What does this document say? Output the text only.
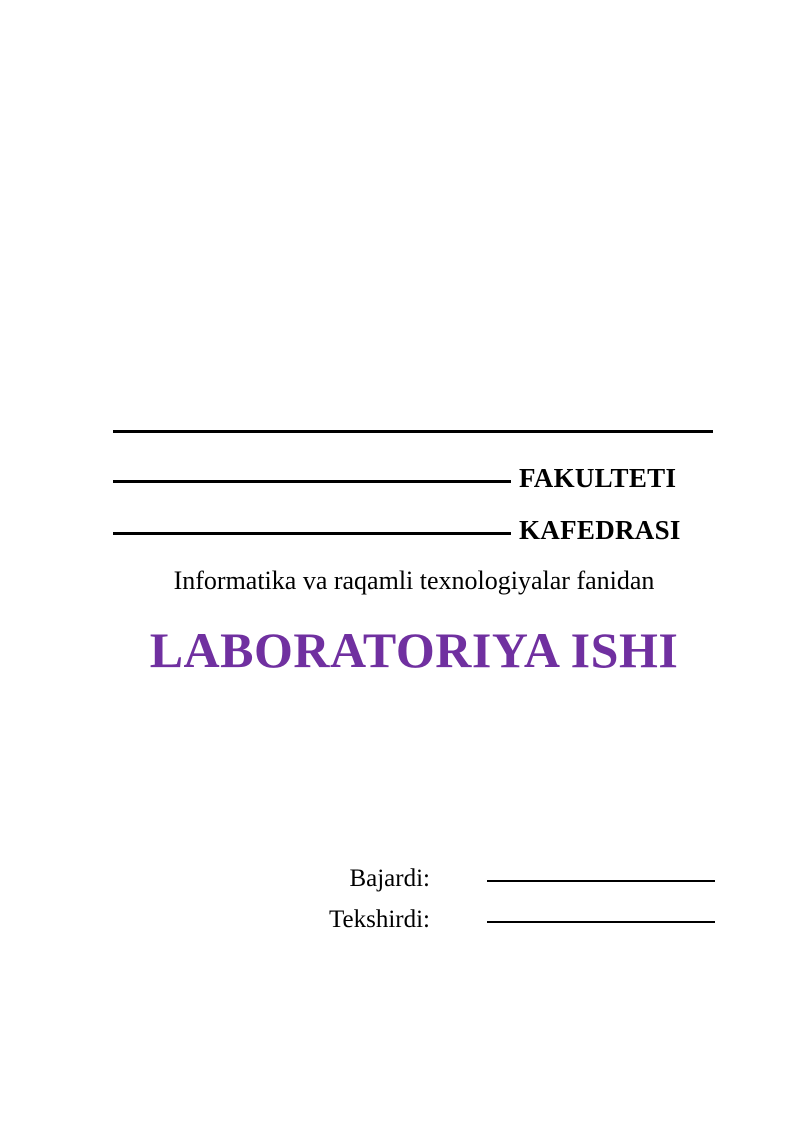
FAKULTETI
KAFEDRASI
Informatika va raqamli texnologiyalar fanidan
LABORATORIYA ISHI
Bajardi:
Tekshirdi:
